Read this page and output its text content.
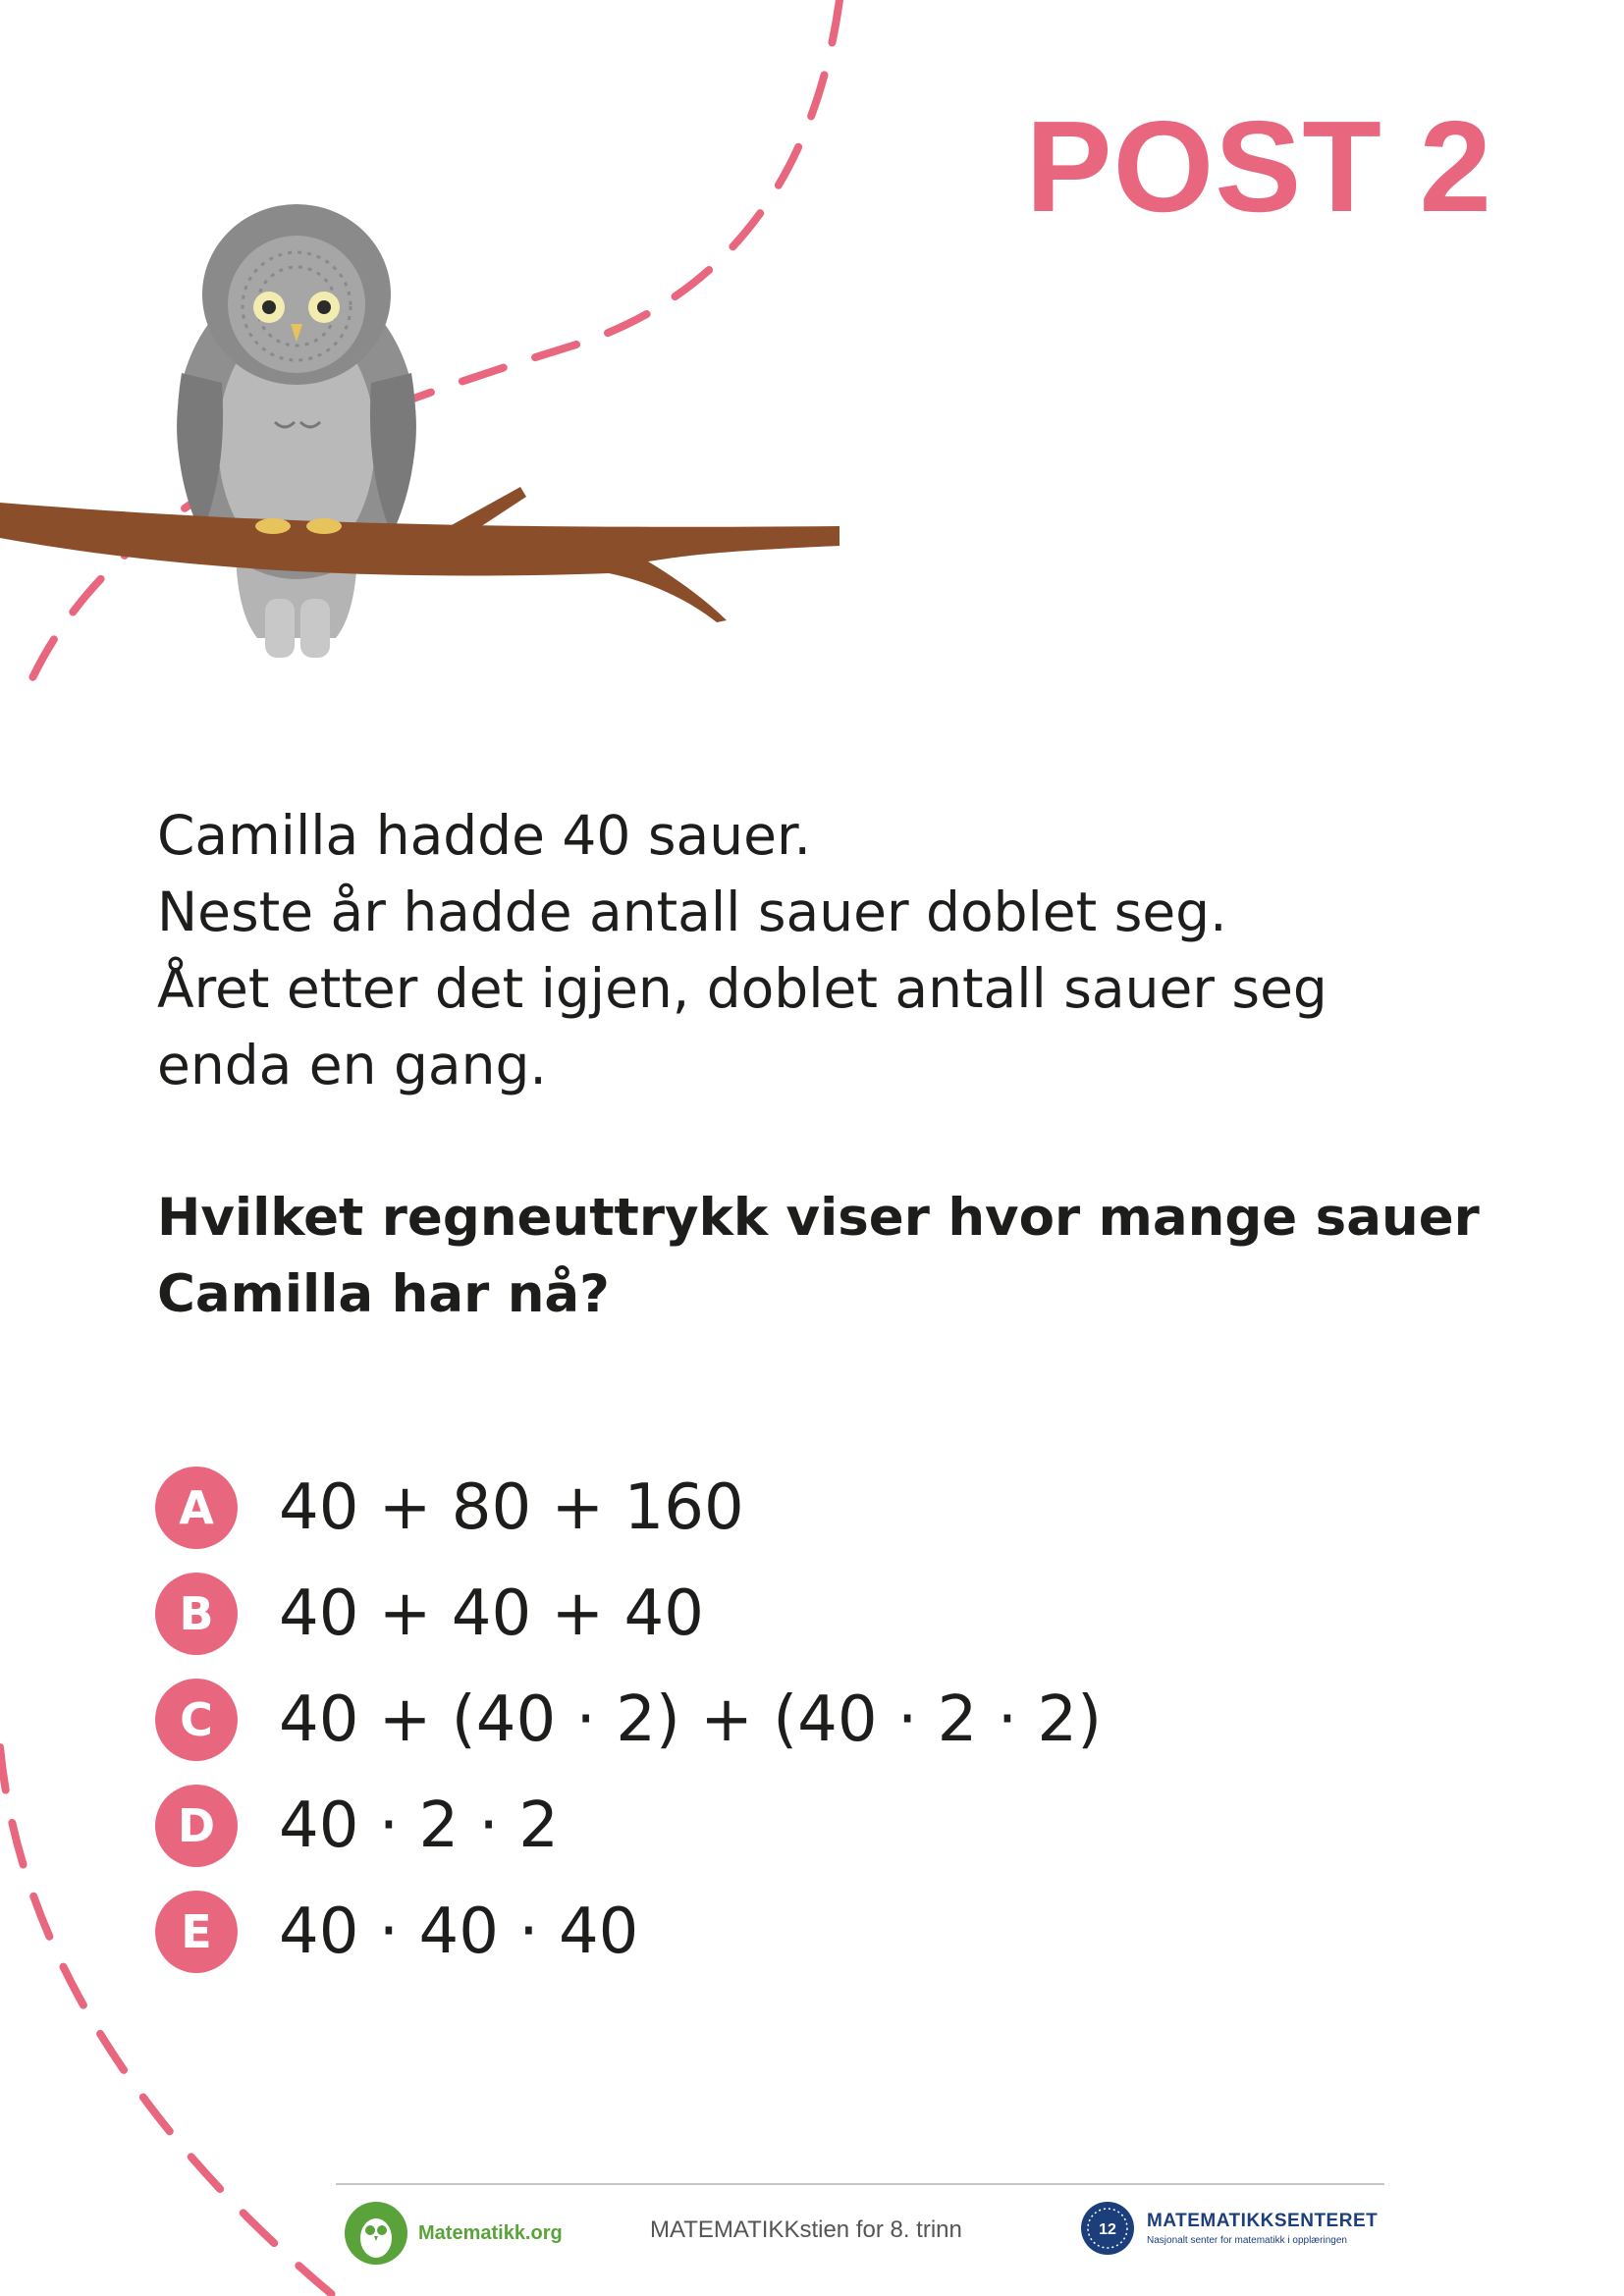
POST 2
Camilla hadde 40 sauer.
Neste år hadde antall sauer doblet seg.
Året etter det igjen, doblet antall sauer seg
enda en gang.
Hvilket regneuttrykk viser hvor mange sauer
Camilla har nå?
A	40 + 80 + 160
B	40 + 40 + 40
C	40 + (40 · 2) + (40 · 2 · 2)
D	40 · 2 · 2
E	40 · 40 · 40
Matematikk.org	MATEMATIKKstien for 8. trinn	12 MATEMATIKKSENTERET
Nasjonalt senter for matematikk i opplæringen
